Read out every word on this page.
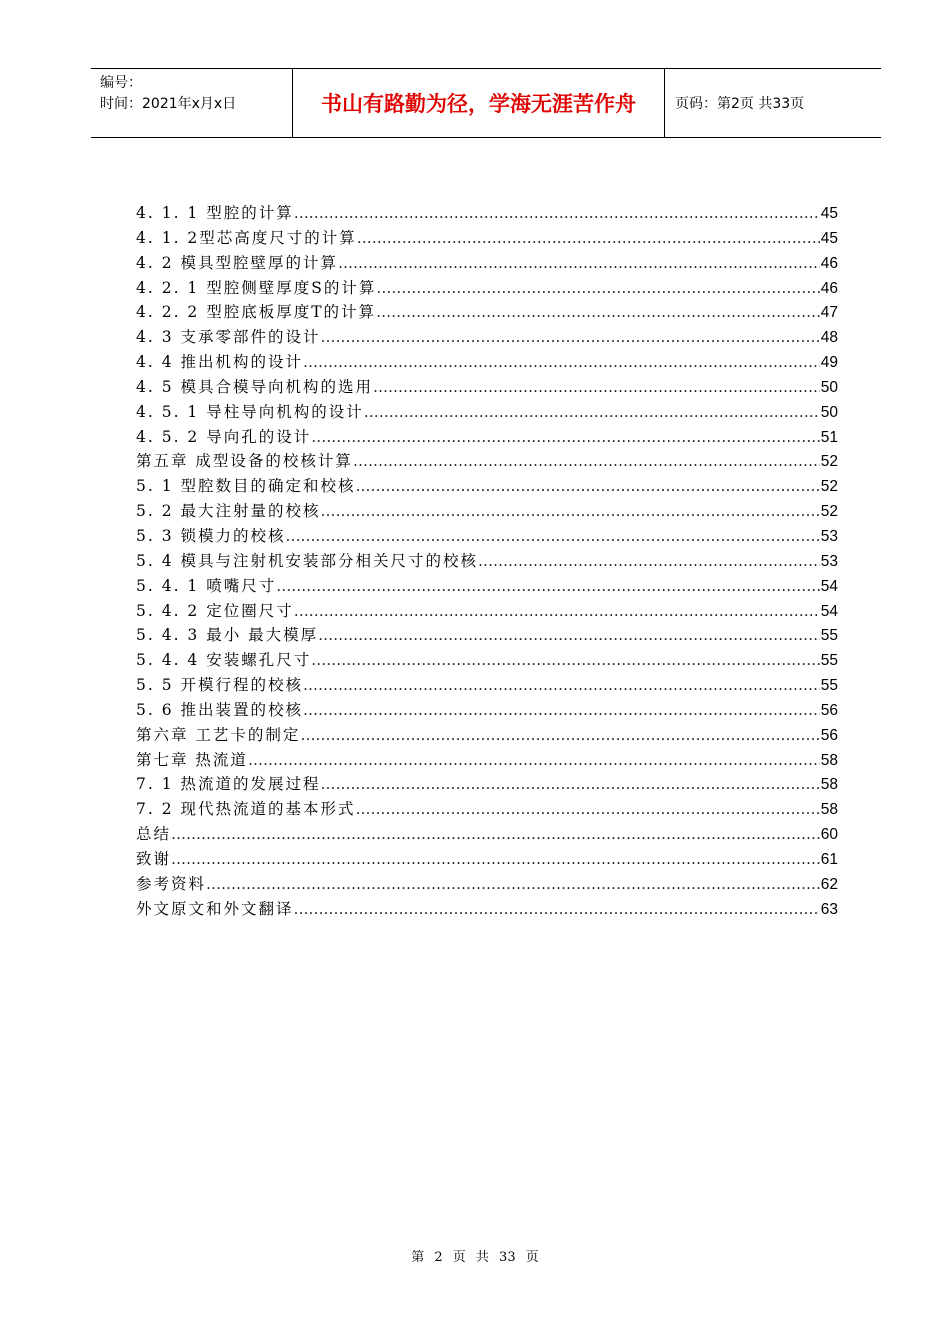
编号：
时间：2021年x月x日	书山有路勤为径，学海无涯苦作舟	页码：第2页 共33页
4. 1. 1 型腔的计算 ……………………………………………………………………………………………………………………………………………………………………………………………………	45
4. 1. 2型芯高度尺寸的计算 ……………………………………………………………………………………………………………………………………………………………………………………………………	45
4. 2 模具型腔壁厚的计算 ……………………………………………………………………………………………………………………………………………………………………………………………………	46
4. 2. 1 型腔侧壁厚度S的计算 ……………………………………………………………………………………………………………………………………………………………………………………………………	46
4. 2. 2 型腔底板厚度T的计算 ……………………………………………………………………………………………………………………………………………………………………………………………………	47
4. 3 支承零部件的设计 ……………………………………………………………………………………………………………………………………………………………………………………………………	48
4. 4 推出机构的设计 ……………………………………………………………………………………………………………………………………………………………………………………………………	49
4. 5 模具合模导向机构的选用 ……………………………………………………………………………………………………………………………………………………………………………………………………	50
4. 5. 1 导柱导向机构的设计 ……………………………………………………………………………………………………………………………………………………………………………………………………	50
4. 5. 2 导向孔的设计 ……………………………………………………………………………………………………………………………………………………………………………………………………	51
第五章 成型设备的校核计算 ……………………………………………………………………………………………………………………………………………………………………………………………………	52
5. 1 型腔数目的确定和校核 ……………………………………………………………………………………………………………………………………………………………………………………………………	52
5. 2 最大注射量的校核 ……………………………………………………………………………………………………………………………………………………………………………………………………	52
5. 3 锁模力的校核 ……………………………………………………………………………………………………………………………………………………………………………………………………	53
5. 4 模具与注射机安装部分相关尺寸的校核 ……………………………………………………………………………………………………………………………………………………………………………………………………	53
5. 4. 1 喷嘴尺寸 ……………………………………………………………………………………………………………………………………………………………………………………………………	54
5. 4. 2 定位圈尺寸 ……………………………………………………………………………………………………………………………………………………………………………………………………	54
5. 4. 3 最小 最大模厚 ……………………………………………………………………………………………………………………………………………………………………………………………………	55
5. 4. 4 安装螺孔尺寸 ……………………………………………………………………………………………………………………………………………………………………………………………………	55
5. 5 开模行程的校核 ……………………………………………………………………………………………………………………………………………………………………………………………………	55
5. 6 推出装置的校核 ……………………………………………………………………………………………………………………………………………………………………………………………………	56
第六章 工艺卡的制定 ……………………………………………………………………………………………………………………………………………………………………………………………………	56
第七章 热流道 ……………………………………………………………………………………………………………………………………………………………………………………………………	58
7. 1 热流道的发展过程 ……………………………………………………………………………………………………………………………………………………………………………………………………	58
7. 2 现代热流道的基本形式 ……………………………………………………………………………………………………………………………………………………………………………………………………	58
总结 ……………………………………………………………………………………………………………………………………………………………………………………………………	60
致谢 ……………………………………………………………………………………………………………………………………………………………………………………………………	61
参考资料 ……………………………………………………………………………………………………………………………………………………………………………………………………	62
外文原文和外文翻译 ……………………………………………………………………………………………………………………………………………………………………………………………………	63
第 2 页 共 33 页
